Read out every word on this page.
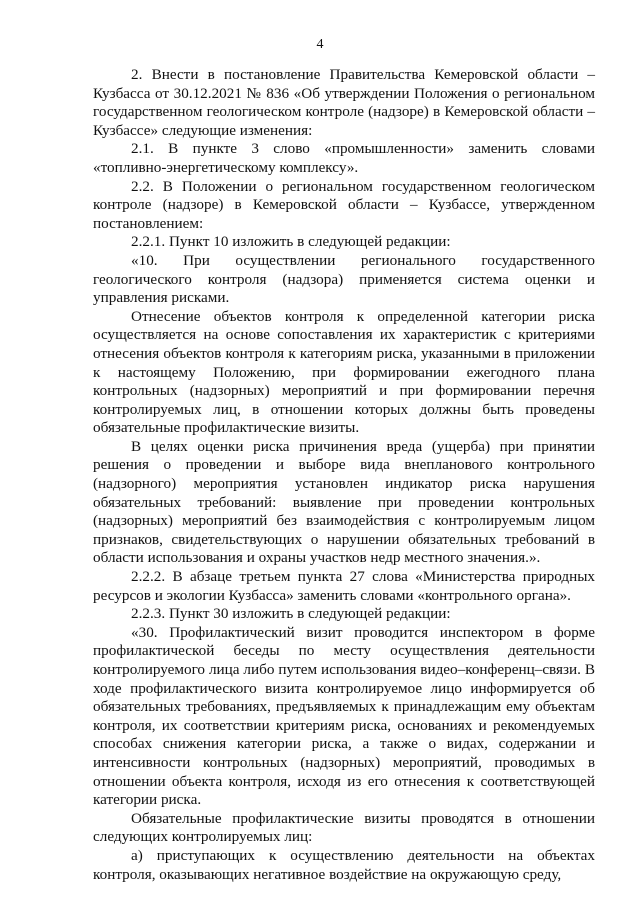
4

2. Внести в постановление Правительства Кемеровской области – Кузбасса от 30.12.2021 № 836 «Об утверждении Положения о региональном государственном геологическом контроле (надзоре) в Кемеровской области – Кузбассе» следующие изменения:

2.1. В пункте 3 слово «промышленности» заменить словами «топливно-энергетическому комплексу».

2.2. В Положении о региональном государственном геологическом контроле (надзоре) в Кемеровской области – Кузбассе, утвержденном постановлением:

2.2.1. Пункт 10 изложить в следующей редакции:

«10. При осуществлении регионального государственного геологического контроля (надзора) применяется система оценки и управления рисками.

Отнесение объектов контроля к определенной категории риска осуществляется на основе сопоставления их характеристик с критериями отнесения объектов контроля к категориям риска, указанными в приложении к настоящему Положению, при формировании ежегодного плана контрольных (надзорных) мероприятий и при формировании перечня контролируемых лиц, в отношении которых должны быть проведены обязательные профилактические визиты.

В целях оценки риска причинения вреда (ущерба) при принятии решения о проведении и выборе вида внепланового контрольного (надзорного) мероприятия установлен индикатор риска нарушения обязательных требований: выявление при проведении контрольных (надзорных) мероприятий без взаимодействия с контролируемым лицом признаков, свидетельствующих о нарушении обязательных требований в области использования и охраны участков недр местного значения.».

2.2.2. В абзаце третьем пункта 27 слова «Министерства природных ресурсов и экологии Кузбасса» заменить словами «контрольного органа».

2.2.3. Пункт 30 изложить в следующей редакции:

«30. Профилактический визит проводится инспектором в форме профилактической беседы по месту осуществления деятельности контролируемого лица либо путем использования видео–конференц–связи. В ходе профилактического визита контролируемое лицо информируется об обязательных требованиях, предъявляемых к принадлежащим ему объектам контроля, их соответствии критериям риска, основаниях и рекомендуемых способах снижения категории риска, а также о видах, содержании и интенсивности контрольных (надзорных) мероприятий, проводимых в отношении объекта контроля, исходя из его отнесения к соответствующей категории риска.

Обязательные профилактические визиты проводятся в отношении следующих контролируемых лиц:

а) приступающих к осуществлению деятельности на объектах контроля, оказывающих негативное воздействие на окружающую среду,
